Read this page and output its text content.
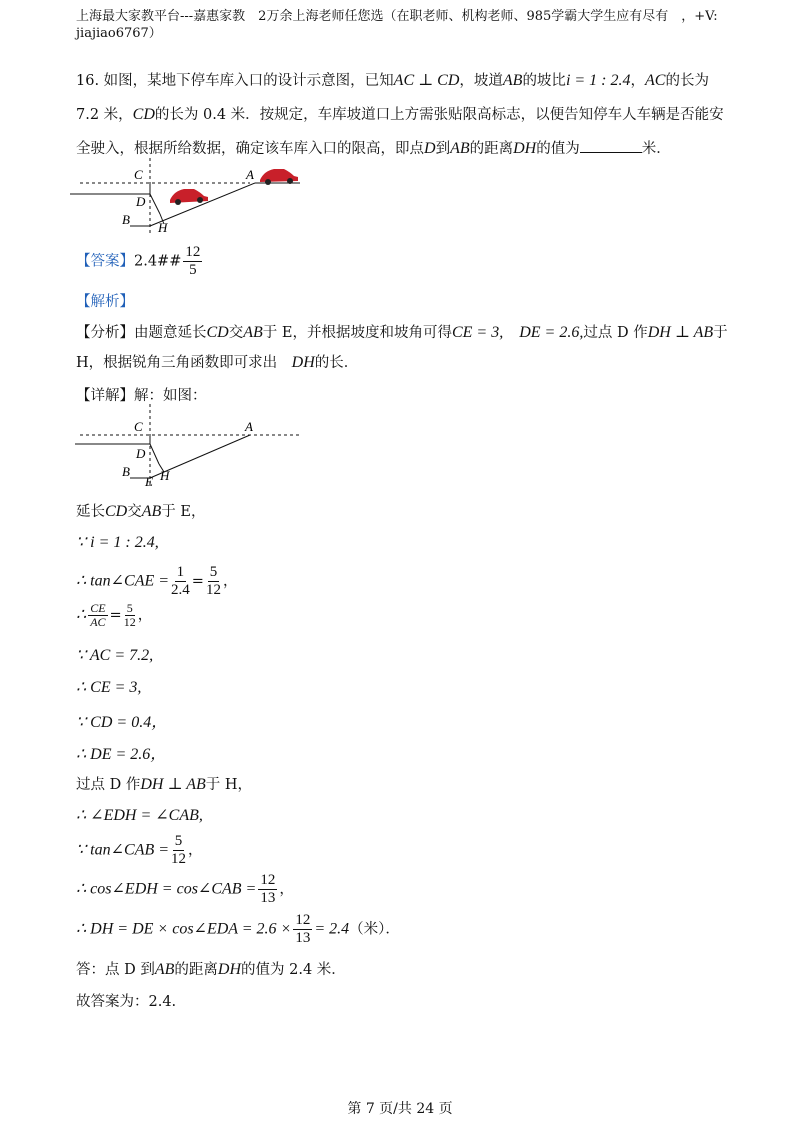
上海最大家教平台---嘉惠家教　2万余上海老师任您选（在职老师、机构老师、985学霸大学生应有尽有　，+V: jiajiao6767）
16. 如图，某地下停车库入口的设计示意图，已知AC ⊥ CD，坡道AB的坡比i = 1 : 2.4，AC的长为 7.2 米，CD的长为 0.4 米．按规定，车库坡道口上方需张贴限高标志，以便告知停车人车辆是否能安全驶入，根据所给数据，确定该车库入口的限高，即点D到AB的距离DH的值为	米．
C	A
D
B
H
【答案】2.4## $\frac{12}{5}$
【解析】
【分析】由题意延长CD交AB于 E，并根据坡度和坡角可得CE = 3,　DE = 2.6,过点 D 作DH ⊥ AB于
H，根据锐角三角函数即可求出　 DH的长．
【详解】解：如图：
C	A
D
B
E H
延长CD交AB于 E，
∵ i = 1 : 2.4,
∴ tan∠CAE = $\frac{1}{2.4} = \frac{5}{12}$ ，
∴ $\frac{CE}{AC} = \frac{5}{12}$ ，
∵ AC = 7.2,
∴ CE = 3,
∵ CD = 0.4，
∴ DE = 2.6，
过点 D 作DH ⊥ AB于 H，
∴ ∠EDH = ∠CAB,
∵ tan∠CAB = $\frac{5}{12}$ ，
∴ cos∠EDH = cos∠CAB = $\frac{12}{13}$ ，
∴ DH = DE × cos∠EDA = $2.6 \times \frac{12}{13} = 2.4$（米）．
答：点 D 到AB的距离DH的值为 2.4 米．
故答案为：2.4.
第 7 页/共 24 页
